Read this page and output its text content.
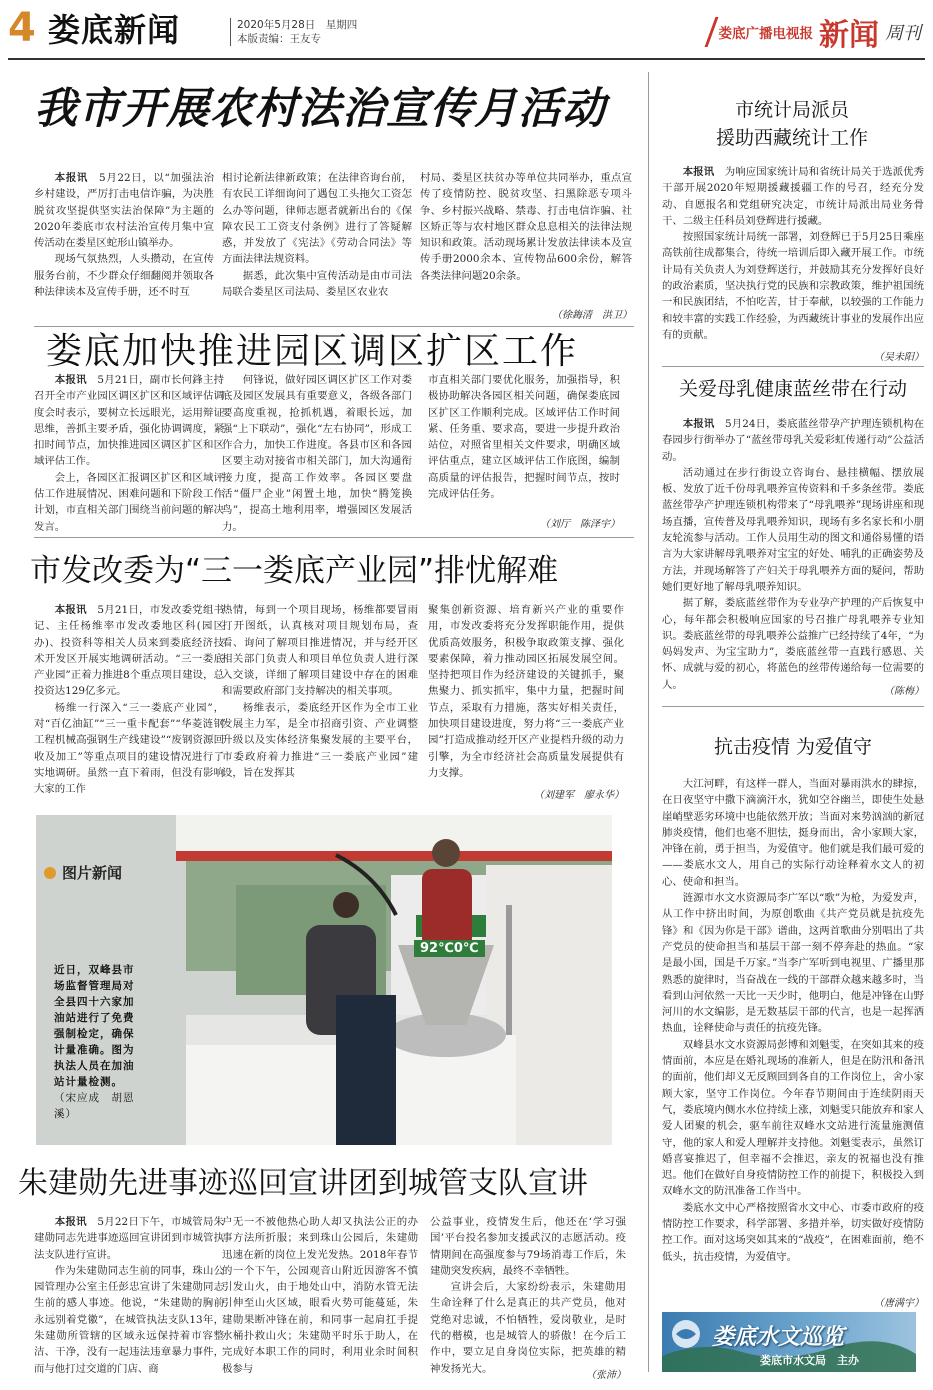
4 娄底新闻	2020年5月28日　星期四
本版责编：王友专	娄底广播电视报 新闻 周刊
我市开展农村法治宣传月活动

本报讯　 5月22日，以“加强法治乡村建设，严厉打击电信诈骗，为决胜脱贫攻坚提供坚实法治保障”为主题的2020年娄底市农村法治宣传月集中宣传活动在娄星区蛇形山镇举办。

现场气氛热烈，人头攒动，在宣传服务台前，不少群众仔细翻阅并领取各种法律读本及宣传手册，还不时互

相讨论新法律新政策；在法律咨询台前，有农民工详细询问了遇包工头拖欠工资怎么办等问题，律师志愿者就新出台的《保障农民工工资支付条例》进行了答疑解惑，并发放了《宪法》《劳动合同法》等方面法律法规资料。

据悉，此次集中宣传活动是由市司法局联合娄星区司法局、娄星区农业农

村局、娄星区扶贫办等单位共同举办，重点宣传了疫情防控、脱贫攻坚、扫黑除恶专项斗争、乡村振兴战略、禁毒、打击电信诈骗、社区矫正等与农村地区群众息息相关的法律法规知识和政策。活动现场累计发放法律读本及宣传手册2000余本、宣传物品600余份，解答各类法律问题20余条。

（徐鋂清　洪卫）
娄底加快推进园区调区扩区工作

本报讯　 5月21日，副市长何鋒主持召开全市产业园区调区扩区和区域评估调度会时表示，要树立长远眼光，运用辩证思维，善抓主要矛盾，强化协调调度，紧扣时间节点，加快推进园区调区扩区和区域评估工作。

会上，各园区汇报调区扩区和区域评估工作进展情况、困难问题和下阶段工作计划，市直相关部门围绕当前问题的解决发言。

何锋说，做好园区调区扩区工作对娄底及园区发展具有重要意义，各级各部门要高度重视，抢抓机遇，着眼长远，加强“上下联动”，强化“左右协同”，形成工作合力，加快工作进度。各县市区和各园区要主动对接省市相关部门，加大沟通衔接力度，提高工作效率。各园区要盘活“僵尸企业”闲置土地，加快“腾笼换鸟”，提高土地利用率，增强园区发展活力。

市直相关部门要优化服务，加强指导，积极协助解决各园区相关问题，确保娄底园区扩区工作顺利完成。区域评估工作时间紧、任务重、要求高，要进一步提升政治站位，对照省里相关文件要求，明确区域评估重点，建立区域评估工作底图，编制高质量的评估报告，把握时间节点，按时完成评估任务。

（刘厅　陈泽宇）
市发改委为“三一娄底产业园”排忧解难

本报讯　 5月21日，市发改委党组书记、主任杨维率市发改委地区科(园区办)、投资科等相关人员来到娄底经济技术开发区开展实地调研活动。“三一娄底产业园”正着力推进8个重点项目建设，总投资达129亿多元。

杨维一行深入“三一娄底产业园”，对“百亿油缸”“三一重卡配套”“华菱涟钢工程机械高强钢生产线建设”“废钢资源回收及加工”等重点项目的建设情况进行了实地调研。虽然一直下着雨，但没有影响大家的工作

热情，每到一个项目现场，杨维都要冒雨打开图纸，认真核对项目规划布局，查看、询问了解项目推进情况，并与经开区相关部门负责人和项目单位负责人进行深入交谈，详细了解项目建设中存在的困难和需要政府部门支持解决的相关事项。

杨维表示，娄底经开区作为全市工业发展主力军，是全市招商引资、产业调整升级以及实体经济集聚发展的主要平台，市委政府着力推进“三一娄底产业园”建设，旨在发挥其

聚集创新资源、培育新兴产业的重要作用，市发改委将充分发挥职能作用，提供优质高效服务，积极争取政策支撑、强化要素保障，着力推动园区拓展发展空间。坚持把项目作为经济建设的关键抓手，聚焦聚力、抓实抓牢，集中力量，把握时间节点，采取有力措施，落实好相关责任，加快项目建设进度，努力将“三一娄底产业园”打造成推动经开区产业提档升级的动力引擎，为全市经济社会高质量发展提供有力支撑。

（刘建军　廖永华）
92℃0℃
图片新闻
近日，双峰县市场监督管理局对全县四十六家加油站进行了免费强制检定，确保计量准确。图为执法人员在加油站计量检测。
（宋应成　胡恩溪）
朱建勋先进事迹巡回宣讲团到城管支队宣讲

本报讯　 5月22日下午，市城管局朱建勋同志先进事迹巡回宣讲团到市城管执法支队进行宣讲。

作为朱建勋同志生前的同事，珠山公园管理办公室主任彭忠宣讲了朱建勋同志生前的感人事迹。他说，“朱建勋的胸前永远别着党徽”，在城管执法支队13年，朱建勋所管辖的区域永远保持着市容整洁、干净，没有一起违法违章暴力事件，而与他打过交道的门店、商

户无一不被他热心助人却又执法公正的办事方法所折服；来到珠山公园后，朱建勋迅速在新的岗位上发光发热。2018年春节的一个下午，公园观音山附近因游客不慎引发山火，由于地处山中，消防水管无法引伸至山火区域，眼看火势可能蔓延，朱建勋果断冲锋在前，和同事一起肩扛手提水桶扑救山火；朱建勋平时乐于助人，在完成好本职工作的同时，利用业余时间积极参与

公益事业，疫情发生后，他还在‘学习强国’平台投名参加支援武汉的志愿活动。疫情期间在高强度参与79场消毒工作后，朱建勋突发疾病，最终不幸牺牲。

宣讲会后，大家纷纷表示，朱建勋用生命诠释了什么是真正的共产党员，他对党绝对忠诚，不怕牺牲，爱岗敬业，是时代的楷模，也是城管人的骄傲！在今后工作中，要立足自身岗位实际，把英雄的精神发扬光大。

（张沛）
市统计局派员
援助西藏统计工作

本报讯　 为响应国家统计局和省统计局关于选派优秀干部开展2020年短期援藏援疆工作的号召，经充分发动、自愿报名和党组研究决定，市统计局派出局业务骨干、二级主任科员刘登辉进行援藏。

按照国家统计局统一部署，刘登辉已于5月25日乘座高铁前往成都集合，待统一培训后即入藏开展工作。市统计局有关负责人为刘登辉送行，并鼓励其充分发挥好良好的政治素质，坚决执行党的民族和宗教政策，维护祖国统一和民族团结，不怕吃苦，甘于奉献，以较强的工作能力和较丰富的实践工作经验，为西藏统计事业的发展作出应有的贡献。

（吴未阳）
关爱母乳健康蓝丝带在行动

本报讯　 5月24日，娄底蓝丝带孕产护理连锁机构在春园步行街举办了“蓝丝带母乳关爱彩虹传递行动”公益活动。

活动通过在步行街设立咨询台、悬挂横幅、摆放展板、发放了近千份母乳喂养宣传资料和千多条丝带。娄底蓝丝带孕产护理连锁机构带来了“母乳喂养”现场讲座和现场直播，宣传普及母乳喂养知识，现场有多名家长和小朋友轮流参与活动。工作人员用生动的图文和通俗易懂的语言为大家讲解母乳喂养对宝宝的好处、哺乳的正确姿势及方法，并现场解答了产妇关于母乳喂养方面的疑问，帮助她们更好地了解母乳喂养知识。

据了解，娄底蓝丝带作为专业孕产护理的产后恢复中心，每年都会积极响应国家的号召推广母乳喂养专业知识。娄底蓝丝带的母乳喂养公益推广已经持续了4年，“为妈妈发声、为宝宝助力”，娄底蓝丝带一直践行感恩、关怀、成就与爱的初心，将蓝色的丝带传递给每一位需要的人。

（陈梅）
抗击疫情 为爱值守

大江河畔，有这样一群人，当面对暴雨洪水的肆掠，在日夜坚守中撒下滴滴汗水，犹如空谷幽兰，即使生处悬崖峭壁恶劣环境中也能依然开放；当面对来势汹汹的新冠肺炎疫情，他们也毫不胆怯，挺身而出，舍小家顾大家，冲锋在前，勇于担当，为爱值守。他们就是我们最可爱的——娄底水文人，用自己的实际行动诠释着水文人的初心、使命和担当。

涟源市水文水资源局李广军以“歌”为枪，为爱发声，从工作中挤出时间，为原创歌曲《共产党员就是抗疫先锋》和《因为你是干部》谱曲，这两首歌曲分别唱出了共产党员的使命担当和基层干部一刻不停奔赴的热血。“家是最小国，国是千万家。”当李广军听到电视里、广播里那熟悉的旋律时，当奋战在一线的干部群众越来越多时，当看到山河依然一天比一天少时，他明白，他是冲锋在山野河川的水文编影，是无数基层干部的代言，也是一起挥洒热血，诠释使命与责任的抗疫先锋。

双峰县水文水资源局彭博和刘魁雯，在突如其来的疫情面前，本应是在婚礼现场的准新人，但是在防汛和备汛的面前，他们却义无反顾回到各自的工作岗位上，舍小家顾大家，坚守工作岗位。今年春节期间由于连续阴雨天气，娄底境内侧水水位持续上涨，刘魁雯只能放弃和家人爱人团聚的机会，驱车前往双峰水文站进行流量施测值守，他的家人和爱人理解并支持他。刘魁雯表示，虽然订婚喜宴推迟了，但幸福不会推迟，亲友的祝福也没有推迟。他们在做好自身疫情防控工作的前提下，积极投入到双峰水文的防汛准备工作当中。

娄底水文中心严格按照省水文中心、市委市政府的疫情防控工作要求，科学部署、多措并举，切实做好疫情防控工作。面对这场突如其来的“战疫”，在困难面前，绝不低头，抗击疫情，为爱值守。

（唐满宇）
娄底水文巡览
娄底市水文局　主办
